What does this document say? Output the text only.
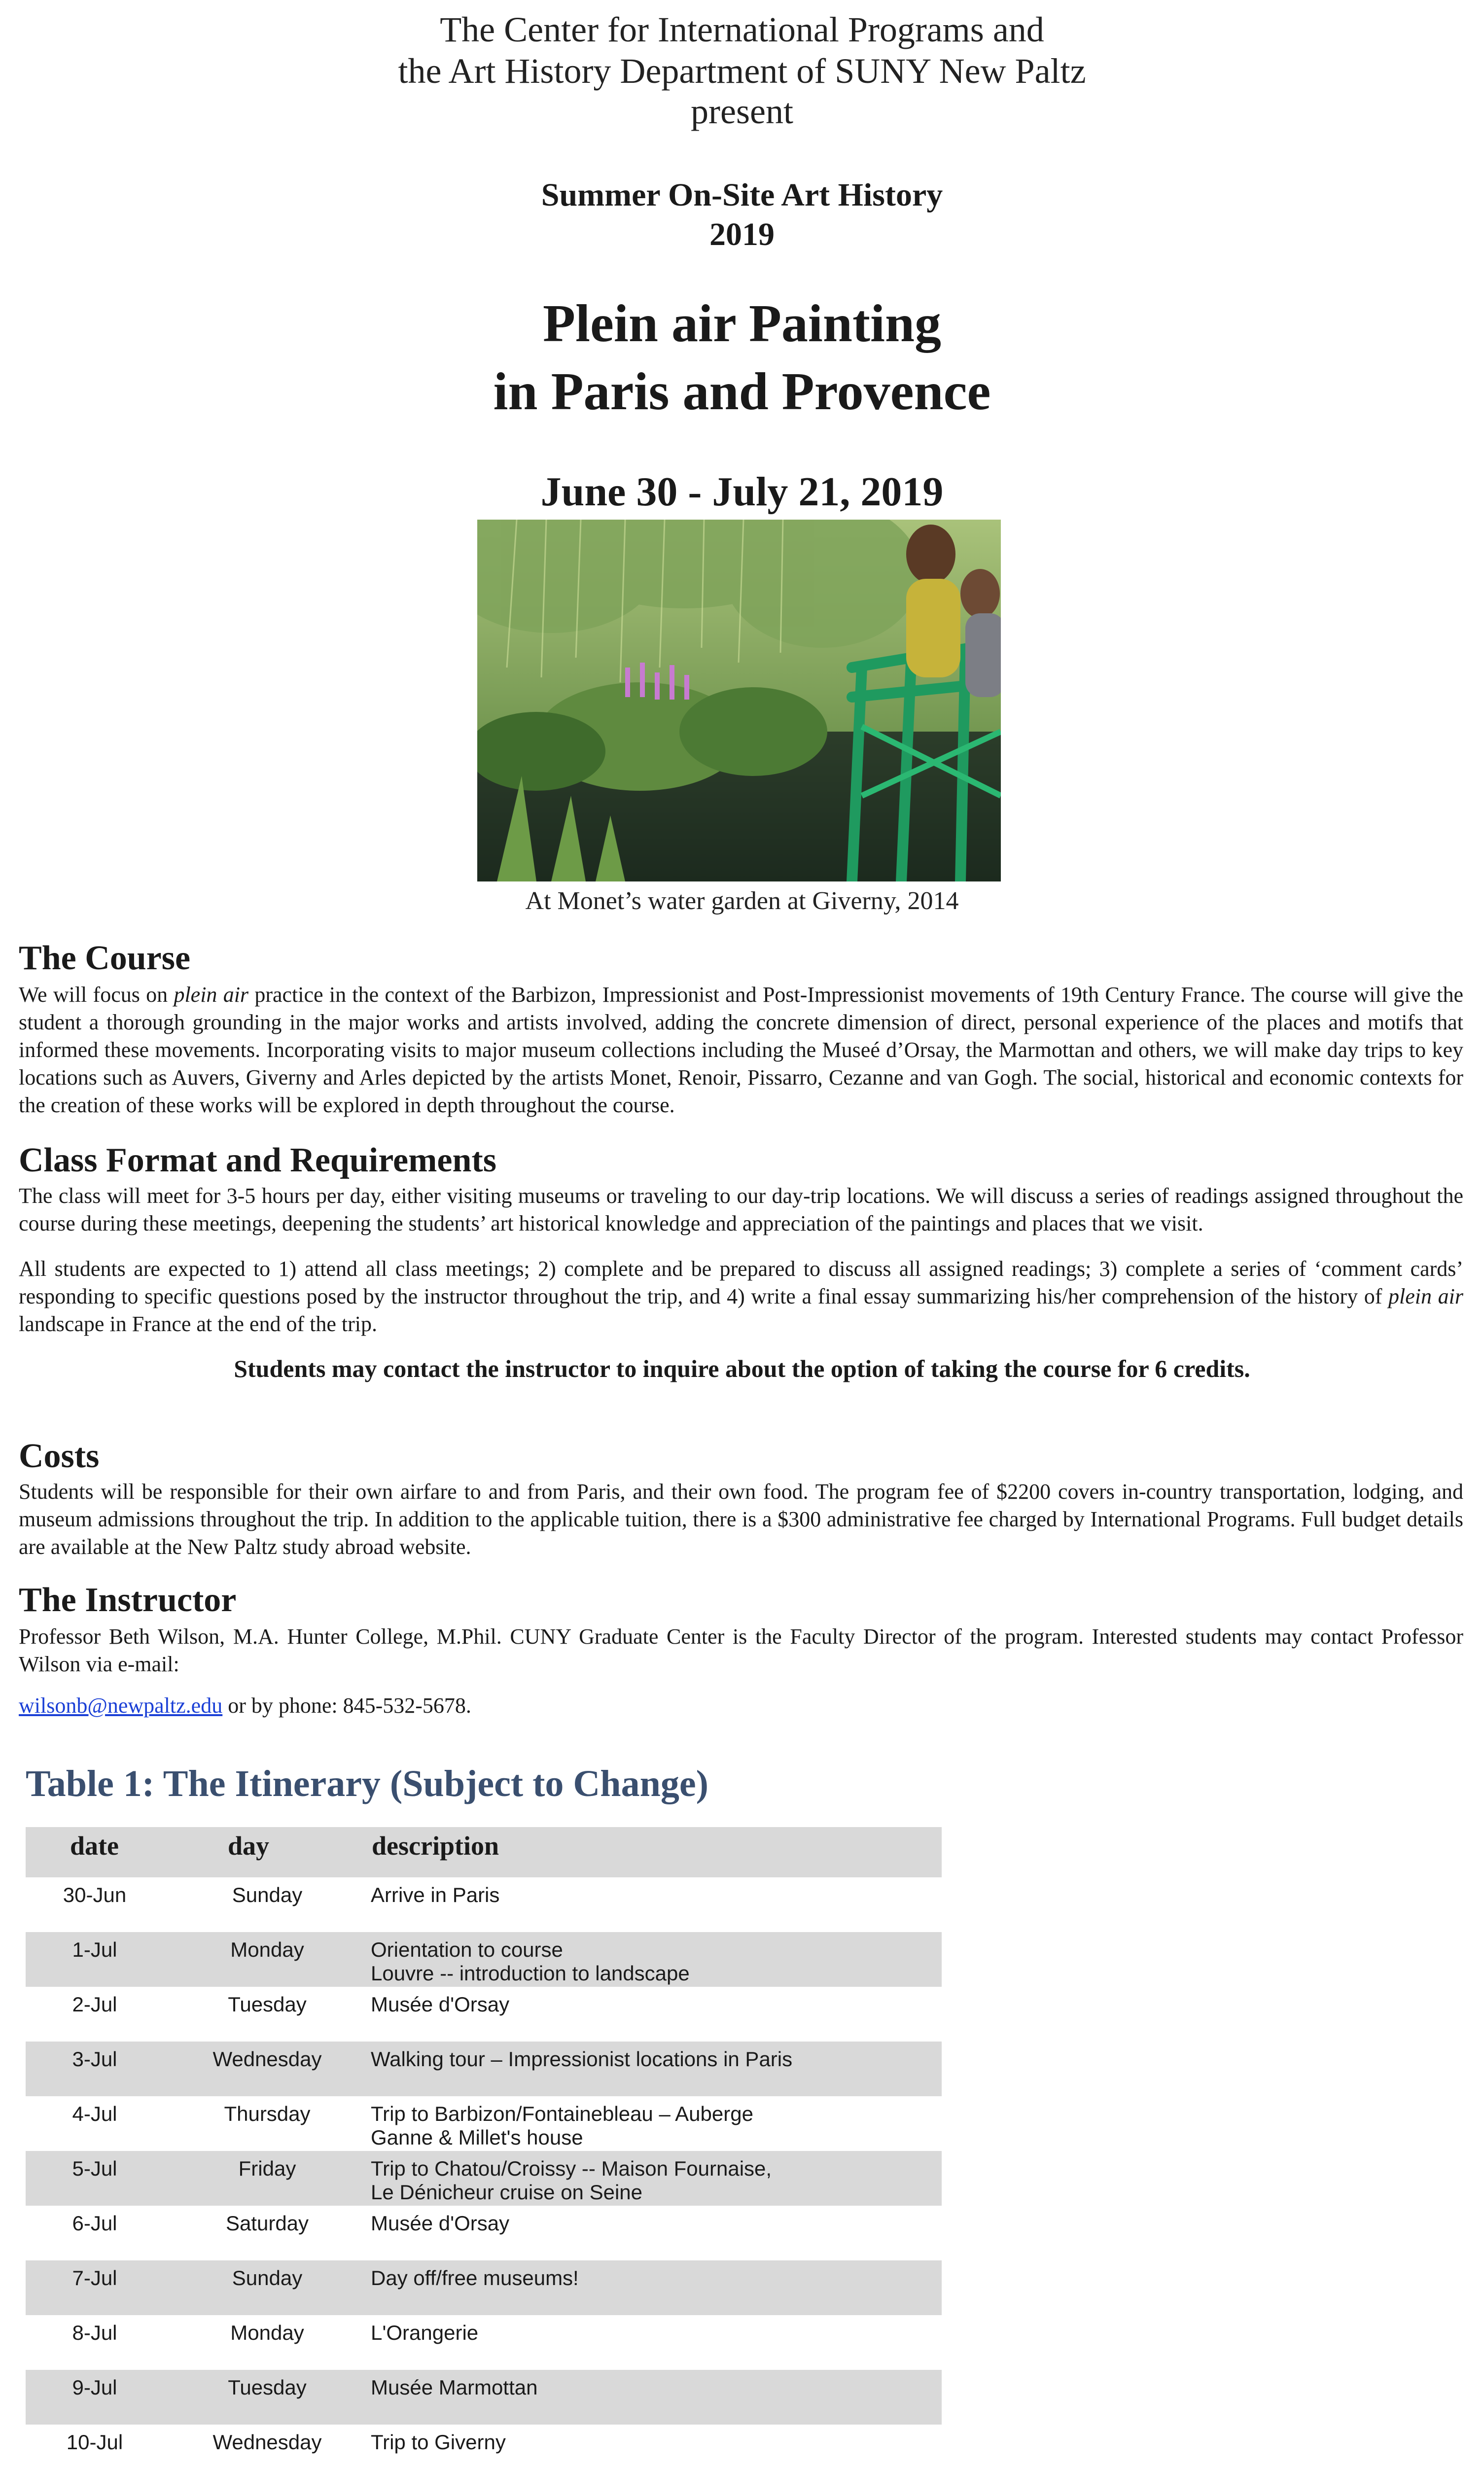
The Center for International Programs and
the Art History Department of SUNY New Paltz
present
Summer On-Site Art History
2019
Plein air Painting
in Paris and Provence
June 30 - July 21, 2019
At Monet’s water garden at Giverny, 2014
The Course
We will focus on plein air practice in the context of the Barbizon, Impressionist and Post-Impressionist movements of 19th Century France. The course will give the student a thorough grounding in the major works and artists involved, adding the concrete dimension of direct, personal experience of the places and motifs that informed these movements. Incorporating visits to major museum collections including the Museé d’Orsay, the Marmottan and others, we will make day trips to key locations such as Auvers, Giverny and Arles depicted by the artists Monet, Renoir, Pissarro, Cezanne and van Gogh. The social, historical and economic contexts for the creation of these works will be explored in depth throughout the course.
Class Format and Requirements
The class will meet for 3-5 hours per day, either visiting museums or traveling to our day-trip locations. We will discuss a series of readings assigned throughout the course during these meetings, deepening the students’ art historical knowledge and appreciation of the paintings and places that we visit.
All students are expected to 1) attend all class meetings; 2) complete and be prepared to discuss all assigned readings; 3) complete a series of ‘comment cards’ responding to specific questions posed by the instructor throughout the trip, and 4) write a final essay summarizing his/her comprehension of the history of plein air landscape in France at the end of the trip.
Students may contact the instructor to inquire about the option of taking the course for 6 credits.
Costs
Students will be responsible for their own airfare to and from Paris, and their own food. The program fee of $2200 covers in-country transportation, lodging, and museum admissions throughout the trip. In addition to the applicable tuition, there is a $300 administrative fee charged by International Programs. Full budget details are available at the New Paltz study abroad website.
The Instructor
Professor Beth Wilson, M.A. Hunter College, M.Phil. CUNY Graduate Center is the Faculty Director of the program. Interested students may contact Professor Wilson via e-mail:
wilsonb@newpaltz.edu or by phone: 845-532-5678.
Table 1: The Itinerary (Subject to Change)
date	day	description
30-Jun	Sunday	Arrive in Paris
1-Jul	Monday	Orientation to course
Louvre -- introduction to landscape
2-Jul	Tuesday	Musée d'Orsay
3-Jul	Wednesday	Walking tour – Impressionist locations in Paris
4-Jul	Thursday	Trip to Barbizon/Fontainebleau – Auberge
Ganne & Millet's house
5-Jul	Friday	Trip to Chatou/Croissy -- Maison Fournaise,
Le Dénicheur cruise on Seine
6-Jul	Saturday	Musée d'Orsay
7-Jul	Sunday	Day off/free museums!
8-Jul	Monday	L'Orangerie
9-Jul	Tuesday	Musée Marmottan
10-Jul	Wednesday	Trip to Giverny
